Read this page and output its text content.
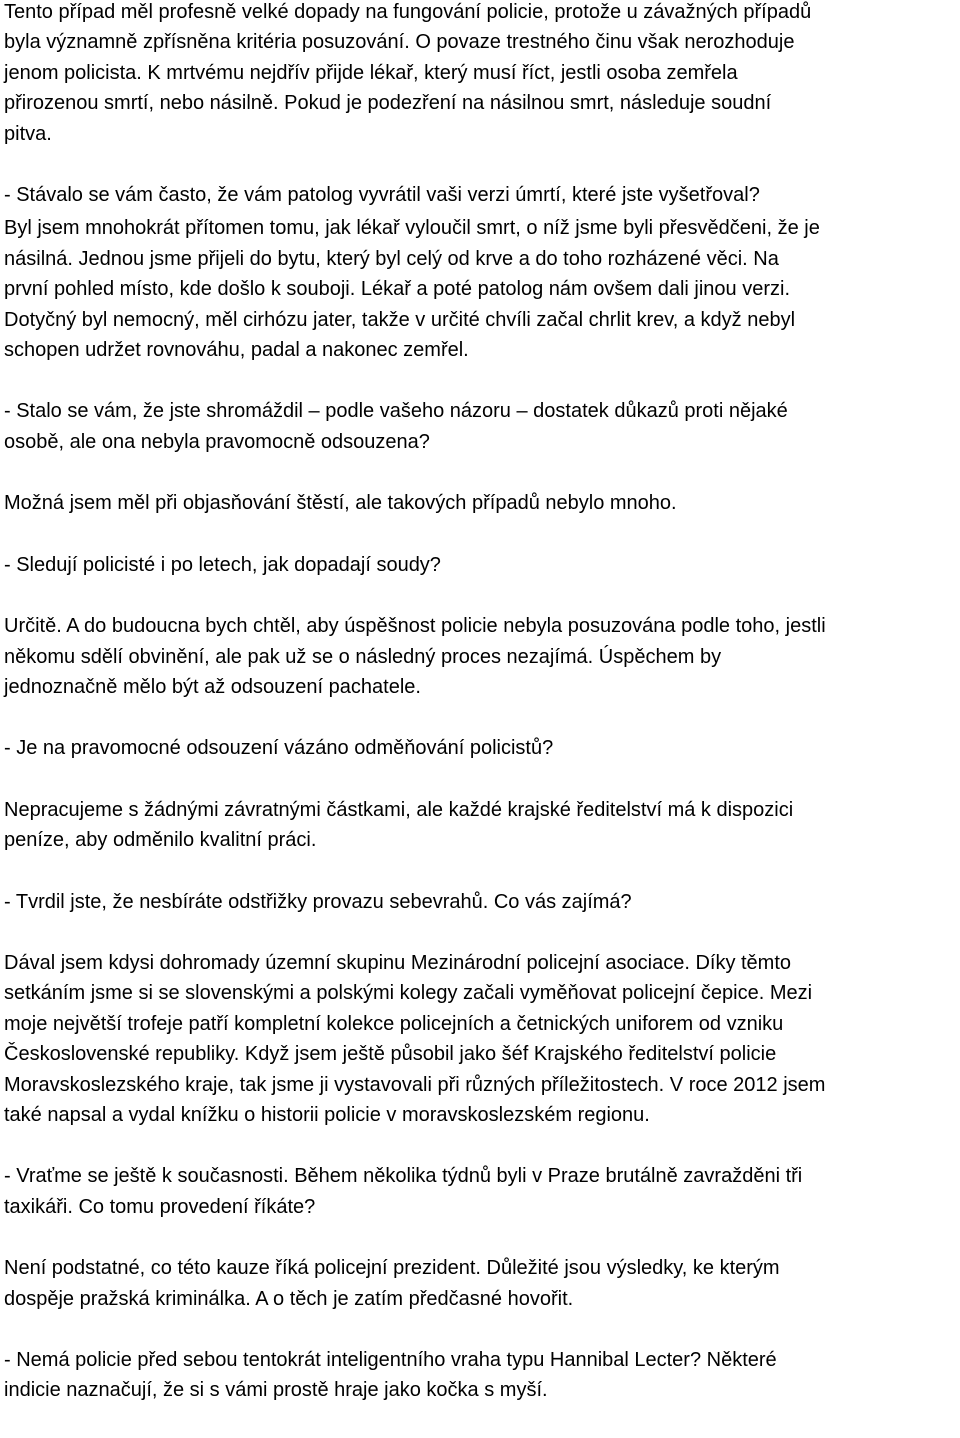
Tento případ měl profesně velké dopady na fungování policie, protože u závažných případů
byla významně zpřísněna kritéria posuzování. O povaze trestného činu však nerozhoduje
jenom policista. K mrtvému nejdřív přijde lékař, který musí říct, jestli osoba zemřela
přirozenou smrtí, nebo násilně. Pokud je podezření na násilnou smrt, následuje soudní
pitva.

- Stávalo se vám často, že vám patolog vyvrátil vaši verzi úmrtí, které jste vyšetřoval?

Byl jsem mnohokrát přítomen tomu, jak lékař vyloučil smrt, o níž jsme byli přesvědčeni, že je
násilná. Jednou jsme přijeli do bytu, který byl celý od krve a do toho rozházené věci. Na
první pohled místo, kde došlo k souboji. Lékař a poté patolog nám ovšem dali jinou verzi.
Dotyčný byl nemocný, měl cirhózu jater, takže v určité chvíli začal chrlit krev, a když nebyl
schopen udržet rovnováhu, padal a nakonec zemřel.

- Stalo se vám, že jste shromáždil – podle vašeho názoru – dostatek důkazů proti nějaké
osobě, ale ona nebyla pravomocně odsouzena?

Možná jsem měl při objasňování štěstí, ale takových případů nebylo mnoho.

- Sledují policisté i po letech, jak dopadají soudy?

Určitě. A do budoucna bych chtěl, aby úspěšnost policie nebyla posuzována podle toho, jestli
někomu sdělí obvinění, ale pak už se o následný proces nezajímá. Úspěchem by
jednoznačně mělo být až odsouzení pachatele.

- Je na pravomocné odsouzení vázáno odměňování policistů?

Nepracujeme s žádnými závratnými částkami, ale každé krajské ředitelství má k dispozici
peníze, aby odměnilo kvalitní práci.

- Tvrdil jste, že nesbíráte odstřižky provazu sebevrahů. Co vás zajímá?

Dával jsem kdysi dohromady územní skupinu Mezinárodní policejní asociace. Díky těmto
setkáním jsme si se slovenskými a polskými kolegy začali vyměňovat policejní čepice. Mezi
moje největší trofeje patří kompletní kolekce policejních a četnických uniforem od vzniku
Československé republiky. Když jsem ještě působil jako šéf Krajského ředitelství policie
Moravskoslezského kraje, tak jsme ji vystavovali při různých příležitostech. V roce 2012 jsem
také napsal a vydal knížku o historii policie v moravskoslezském regionu.

- Vraťme se ještě k současnosti. Během několika týdnů byli v Praze brutálně zavražděni tři
taxikáři. Co tomu provedení říkáte?

Není podstatné, co této kauze říká policejní prezident. Důležité jsou výsledky, ke kterým
dospěje pražská kriminálka. A o těch je zatím předčasné hovořit.

- Nemá policie před sebou tentokrát inteligentního vraha typu Hannibal Lecter? Některé
indicie naznačují, že si s vámi prostě hraje jako kočka s myší.
